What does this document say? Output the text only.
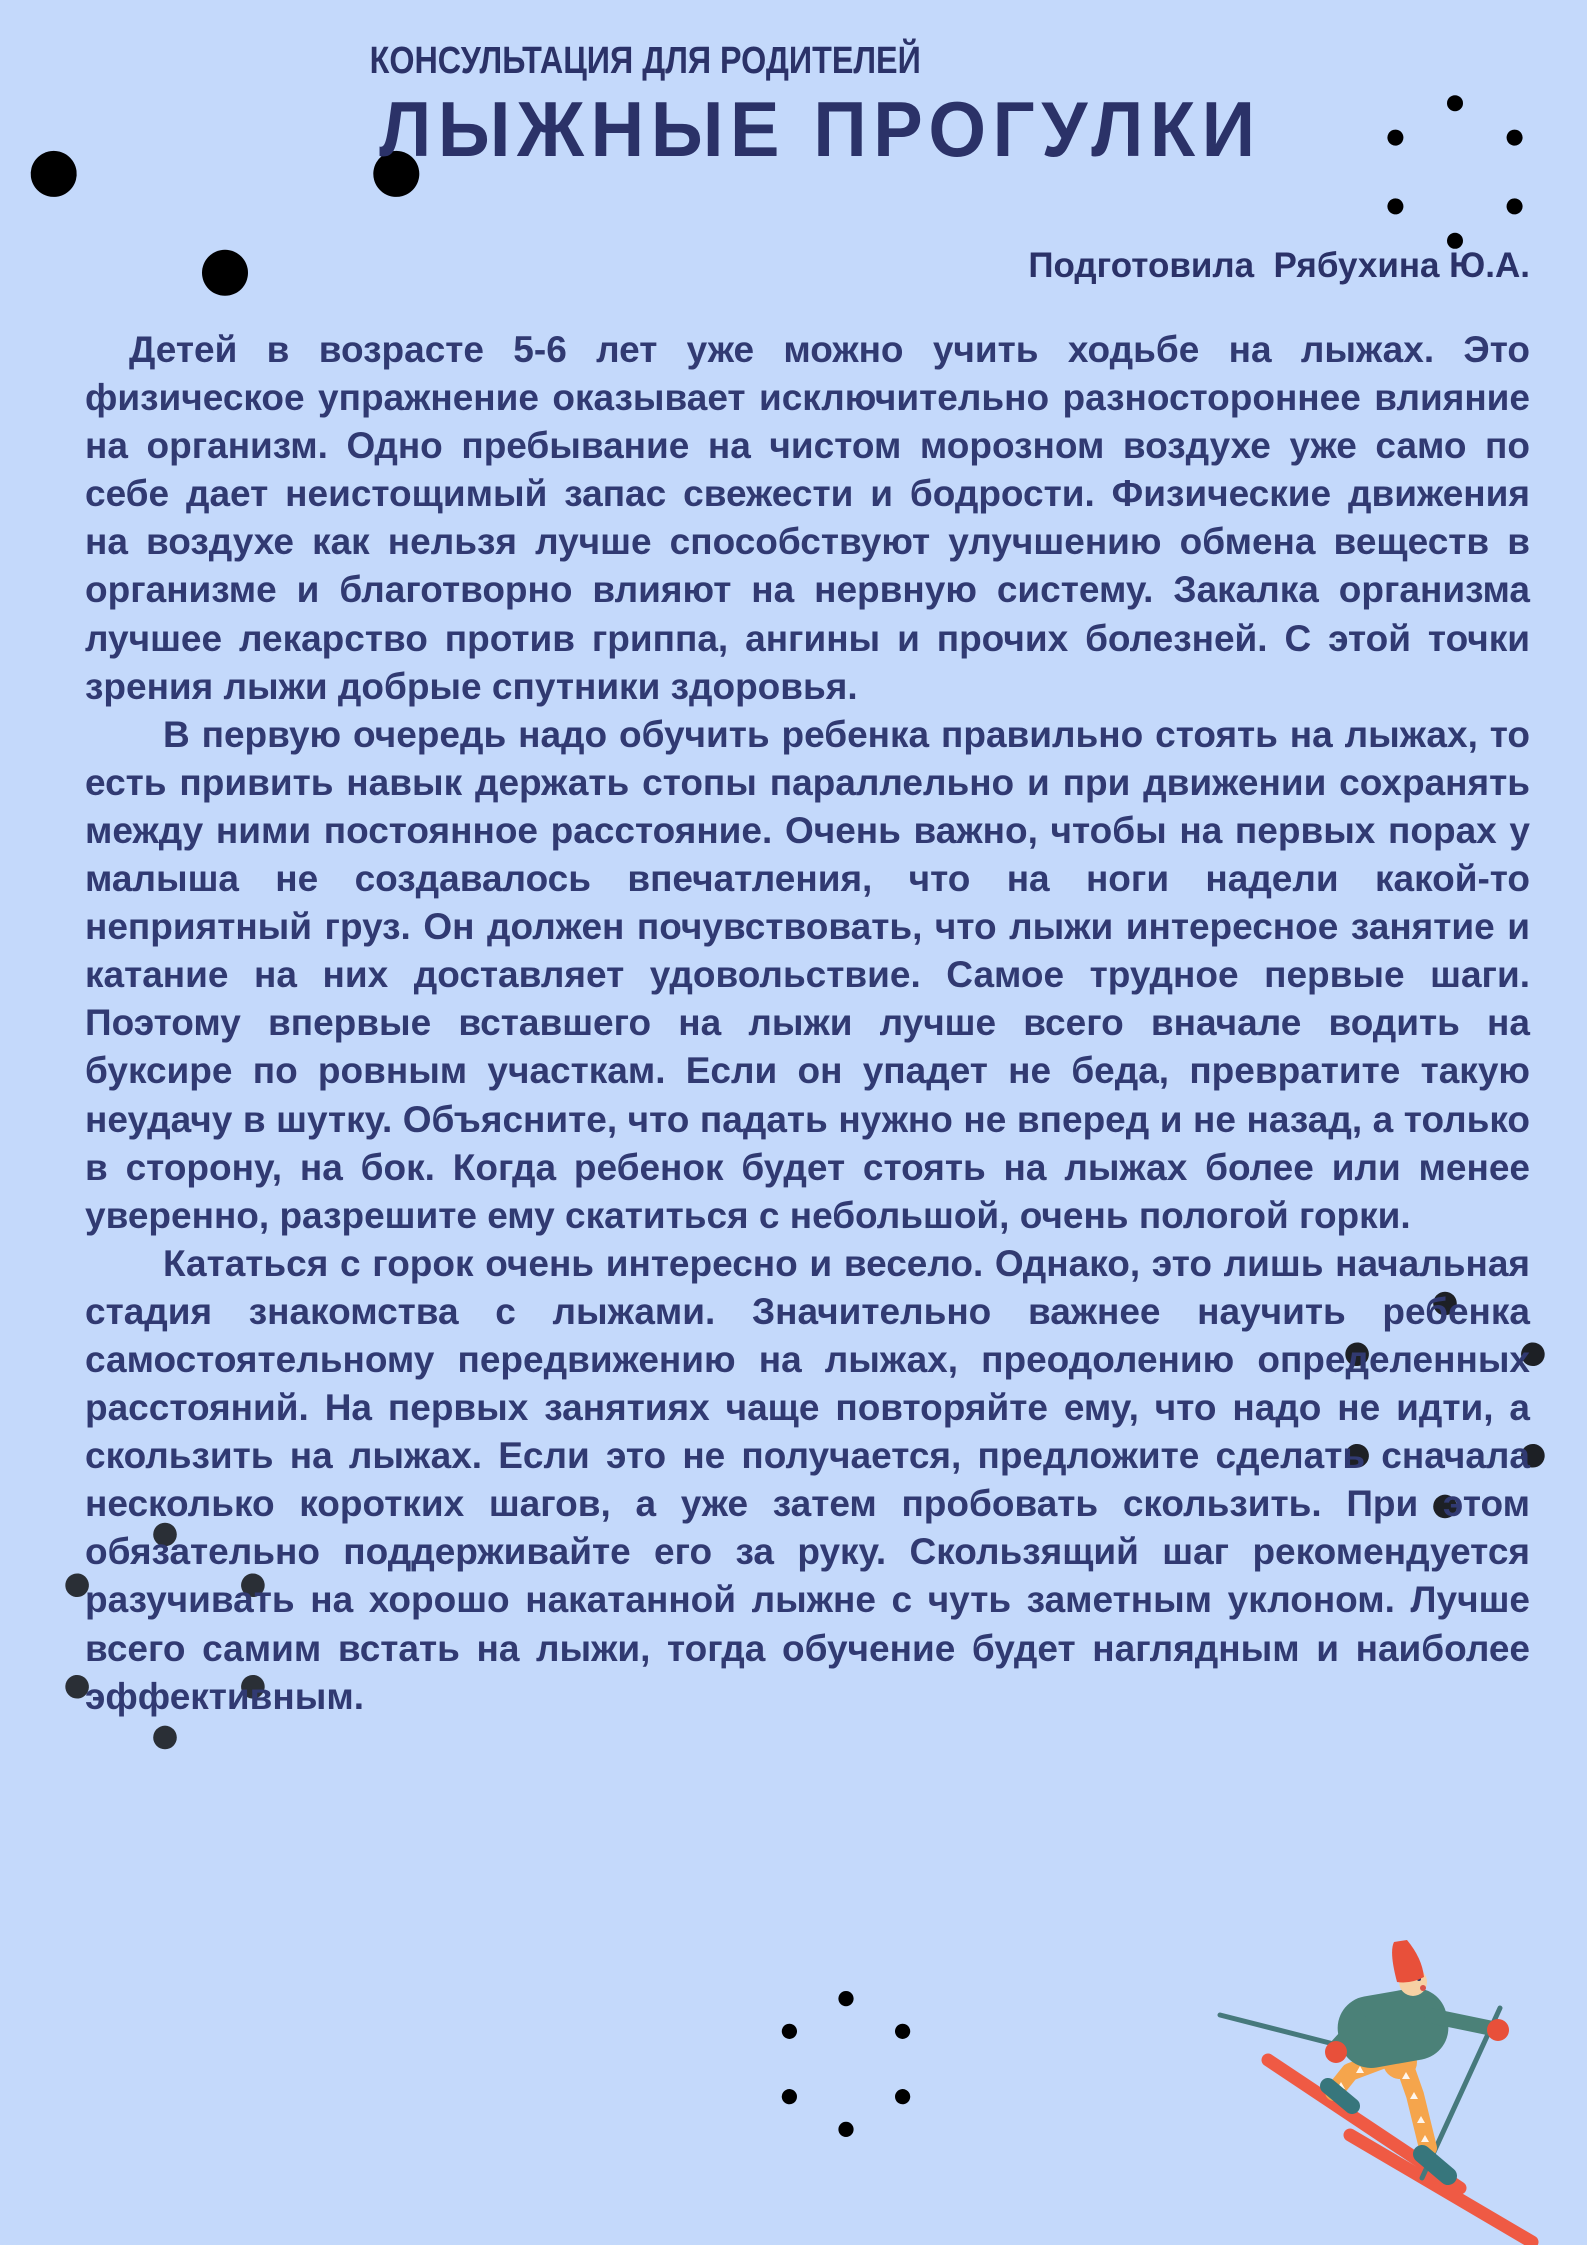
КОНСУЛЬТАЦИЯ ДЛЯ РОДИТЕЛЕЙ
ЛЫЖНЫЕ ПРОГУЛКИ
Подготовила  Рябухина Ю.А.

Детей в возрасте 5-6 лет уже можно учить ходьбе на лыжах. Это физическое упражнение оказывает исключительно разностороннее влияние на организм. Одно пребывание на чистом морозном воздухе уже само по себе дает неистощимый запас свежести и бодрости. Физические движения на воздухе как нельзя лучше способствуют улучшению обмена веществ в организме и благотворно влияют на нервную систему. Закалка организма лучшее лекарство против гриппа, ангины и прочих болезней. С этой точки зрения лыжи добрые спутники здоровья.

В первую очередь надо обучить ребенка правильно стоять на лыжах, то есть привить навык держать стопы параллельно и при движении сохранять между ними постоянное расстояние. Очень важно, чтобы на первых порах у малыша не создавалось впечатления, что на ноги надели какой-то неприятный груз. Он должен почувствовать, что лыжи интересное занятие и катание на них доставляет удовольствие. Самое трудное первые шаги. Поэтому впервые вставшего на лыжи лучше всего вначале водить на буксире по ровным участкам. Если он упадет не беда, превратите такую неудачу в шутку. Объясните, что падать нужно не вперед и не назад, а только в сторону, на бок. Когда ребенок будет стоять на лыжах более или менее уверенно, разрешите ему скатиться с небольшой, очень пологой горки.

Кататься с горок очень интересно и весело. Однако, это лишь начальная стадия знакомства с лыжами. Значительно важнее научить ребенка самостоятельному передвижению на лыжах, преодолению определенных расстояний. На первых занятиях чаще повторяйте ему, что надо не идти, а скользить на лыжах. Если это не получается, предложите сделать сначала несколько коротких шагов, а уже затем пробовать скользить. При этом обязательно поддерживайте его за руку. Скользящий шаг рекомендуется разучивать на хорошо накатанной лыжне с чуть заметным уклоном. Лучше всего самим встать на лыжи, тогда обучение будет наглядным и наиболее эффективным.
